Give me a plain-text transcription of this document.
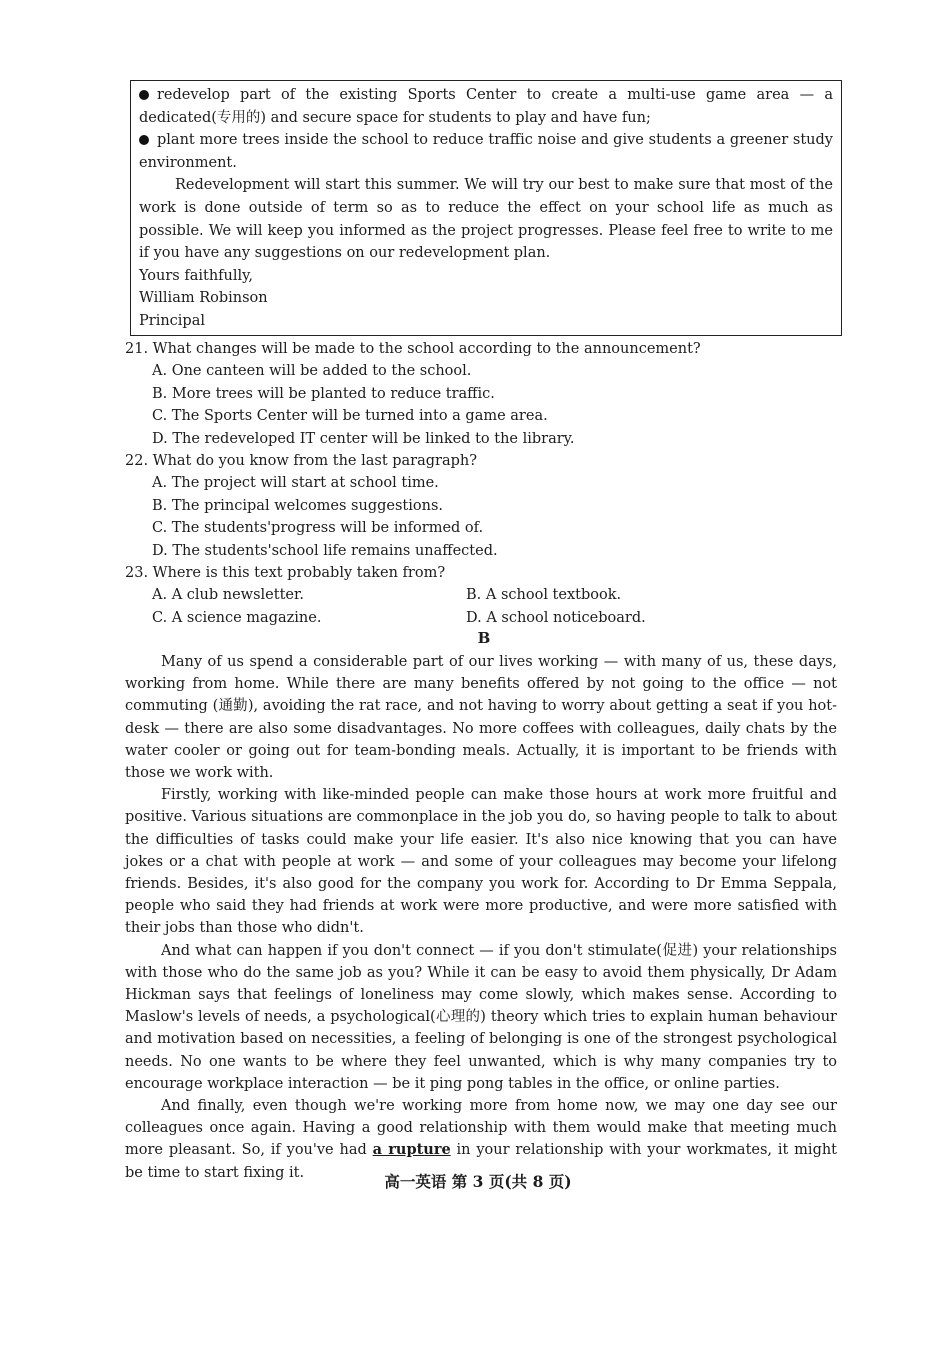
redevelop part of the existing Sports Center to create a multi-use game area — a dedicated(专用的) and secure space for students to play and have fun;

plant more trees inside the school to reduce traffic noise and give students a greener study environment.

Redevelopment will start this summer. We will try our best to make sure that most of the work is done outside of term so as to reduce the effect on your school life as much as possible. We will keep you informed as the project progresses. Please feel free to write to me if you have any suggestions on our redevelopment plan.

Yours faithfully,

William Robinson

Principal

21. What changes will be made to the school according to the announcement?

A. One canteen will be added to the school.

B. More trees will be planted to reduce traffic.

C. The Sports Center will be turned into a game area.

D. The redeveloped IT center will be linked to the library.

22. What do you know from the last paragraph?

A. The project will start at school time.

B. The principal welcomes suggestions.

C. The students'progress will be informed of.

D. The students'school life remains unaffected.

23. Where is this text probably taken from?

A. A club newsletter.	B. A school textbook.
C. A science magazine.	D. A school noticeboard.
B

Many of us spend a considerable part of our lives working — with many of us, these days, working from home. While there are many benefits offered by not going to the office — not commuting (通勤), avoiding the rat race, and not having to worry about getting a seat if you hot-desk — there are also some disadvantages. No more coffees with colleagues, daily chats by the water cooler or going out for team-bonding meals. Actually, it is important to be friends with those we work with.

Firstly, working with like-minded people can make those hours at work more fruitful and positive. Various situations are commonplace in the job you do, so having people to talk to about the difficulties of tasks could make your life easier. It's also nice knowing that you can have jokes or a chat with people at work — and some of your colleagues may become your lifelong friends. Besides, it's also good for the company you work for. According to Dr Emma Seppala, people who said they had friends at work were more productive, and were more satisfied with their jobs than those who didn't.

And what can happen if you don't connect — if you don't stimulate(促进) your relationships with those who do the same job as you? While it can be easy to avoid them physically, Dr Adam Hickman says that feelings of loneliness may come slowly, which makes sense. According to Maslow's levels of needs, a psychological(心理的) theory which tries to explain human behaviour and motivation based on necessities, a feeling of belonging is one of the strongest psychological needs. No one wants to be where they feel unwanted, which is why many companies try to encourage workplace interaction — be it ping pong tables in the office, or online parties.

And finally, even though we're working more from home now, we may one day see our colleagues once again. Having a good relationship with them would make that meeting much more pleasant. So, if you've had a rupture in your relationship with your workmates, it might be time to start fixing it.	高一英语 第 3 页(共 8 页)
